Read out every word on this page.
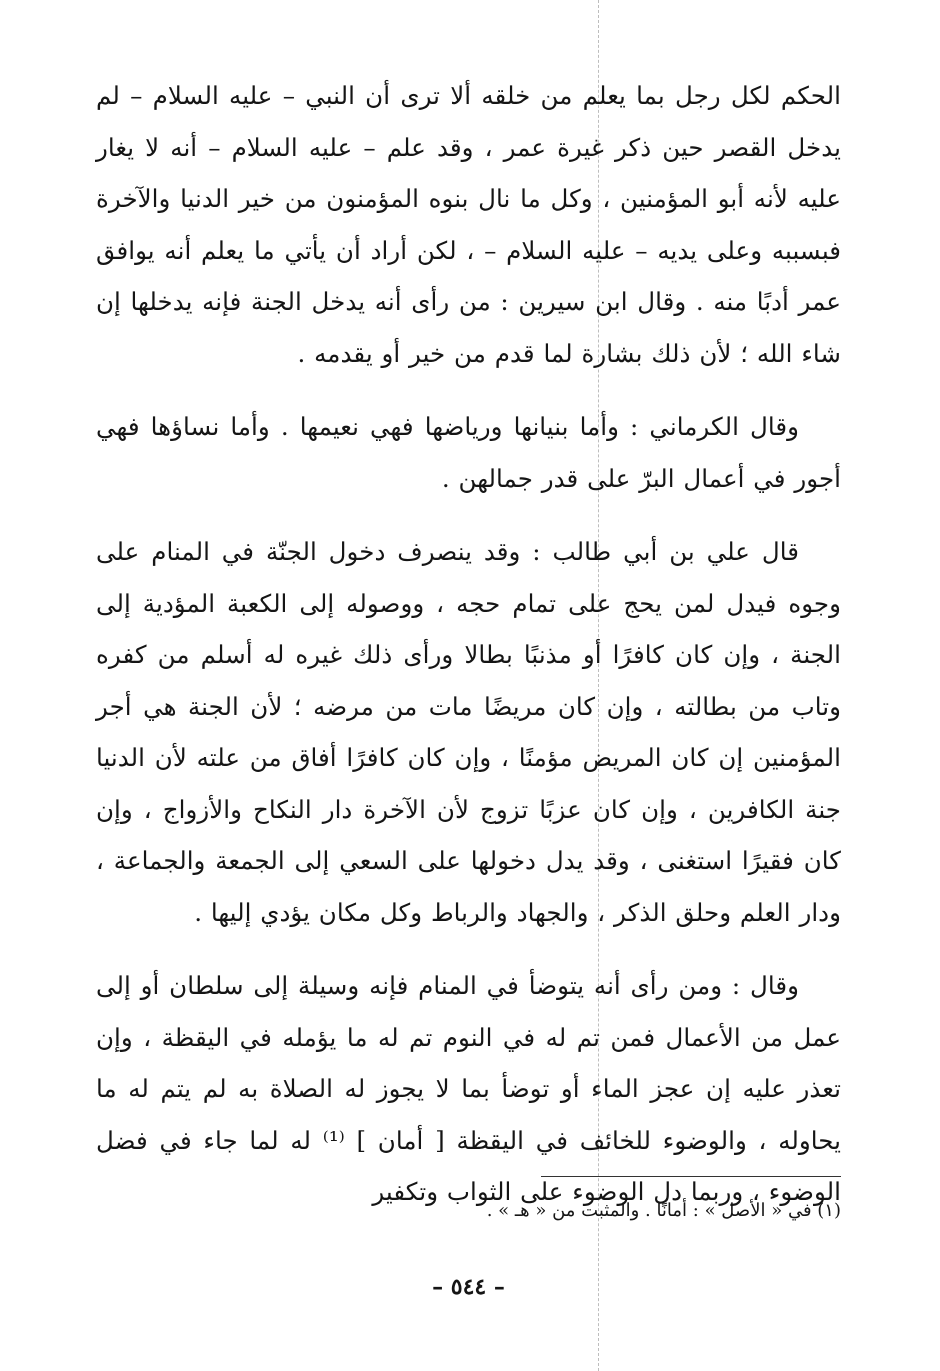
الحكم لكل رجل بما يعلم من خلقه ألا ترى أن النبي – عليه السلام – لم يدخل القصر حين ذكر غيرة عمر ، وقد علم – عليه السلام – أنه لا يغار عليه لأنه أبو المؤمنين ، وكل ما نال بنوه المؤمنون من خير الدنيا والآخرة فبسببه وعلى يديه – عليه السلام – ، لكن أراد أن يأتي ما يعلم أنه يوافق عمر أدبًا منه . وقال ابن سيرين : من رأى أنه يدخل الجنة فإنه يدخلها إن شاء الله ؛ لأن ذلك بشارة لما قدم من خير أو يقدمه .

وقال الكرماني : وأما بنيانها ورياضها فهي نعيمها . وأما نساؤها فهي أجور في أعمال البرّ على قدر جمالهن .

قال علي بن أبي طالب : وقد ينصرف دخول الجنّة في المنام على وجوه فيدل لمن يحج على تمام حجه ، ووصوله إلى الكعبة المؤدية إلى الجنة ، وإن كان كافرًا أو مذنبًا بطالا ورأى ذلك غيره له أسلم من كفره وتاب من بطالته ، وإن كان مريضًا مات من مرضه ؛ لأن الجنة هي أجر المؤمنين إن كان المريض مؤمنًا ، وإن كان كافرًا أفاق من علته لأن الدنيا جنة الكافرين ، وإن كان عزبًا تزوج لأن الآخرة دار النكاح والأزواج ، وإن كان فقيرًا استغنى ، وقد يدل دخولها على السعي إلى الجمعة والجماعة ، ودار العلم وحلق الذكر ، والجهاد والرباط وكل مكان يؤدي إليها .

وقال : ومن رأى أنه يتوضأ في المنام فإنه وسيلة إلى سلطان أو إلى عمل من الأعمال فمن تم له في النوم تم له ما يؤمله في اليقظة ، وإن تعذر عليه إن عجز الماء أو توضأ بما لا يجوز له الصلاة به لم يتم له ما يحاوله ، والوضوء للخائف في اليقظة [ أمان ] ⁽¹⁾ له لما جاء في فضل الوضوء ، وربما دل الوضوء على الثواب وتكفير

(١) في « الأصل » : أمانًا . والمثبت من « هـ » .
– ٥٤٤ –
